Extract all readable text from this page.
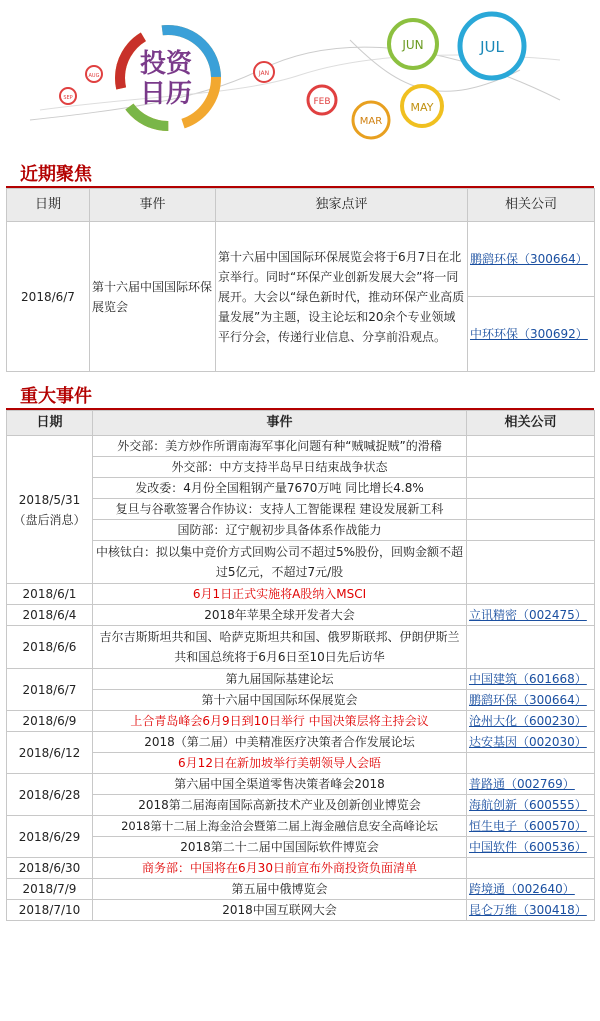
投资
日历
SEP
AUG	JAN
FEB
MAR
MAY
JUN	JUL
近期聚焦
日期	事件	独家点评	相关公司
2018/6/7	第十六届中国国际环保展览会	第十六届中国国际环保展览会将于6月7日在北京举行。同时“环保产业创新发展大会”将一同展开。大会以“绿色新时代，推动环保产业高质量发展”为主题，设主论坛和20余个专业领域平行分会，传递行业信息、分享前沿观点。	鹏鹞环保（300664）
			中环环保（300692）
重大事件
日期	事件	相关公司

2018/5/31
（盘后消息）	外交部：美方炒作所谓南海军事化问题有种“贼喊捉贼”的滑稽	
	外交部：中方支持半岛早日结束战争状态	
	发改委：4月份全国粗钢产量7670万吨 同比增长4.8%	
	复旦与谷歌签署合作协议：支持人工智能课程 建设发展新工科	
	国防部：辽宁舰初步具备体系作战能力	
	中核钛白：拟以集中竞价方式回购公司不超过5%股份，回购金额不超过5亿元，不超过7元/股	
2018/6/1	6月1日正式实施将A股纳入MSCI	
2018/6/4	2018年苹果全球开发者大会	立讯精密（002475）
2018/6/6	吉尔吉斯斯坦共和国、哈萨克斯坦共和国、俄罗斯联邦、伊朗伊斯兰共和国总统将于6月6日至10日先后访华	
2018/6/7	第九届国际基建论坛	中国建筑（601668）
	第十六届中国国际环保展览会	鹏鹞环保（300664）
2018/6/9	上合青岛峰会6月9日到10日举行 中国决策层将主持会议	沧州大化（600230）
2018/6/12	2018（第二届）中美精准医疗决策者合作发展论坛	达安基因（002030）
	6月12日在新加坡举行美朝领导人会晤	
2018/6/28	第六届中国全渠道零售决策者峰会2018	普路通（002769）
	2018第二届海南国际高新技术产业及创新创业博览会	海航创新（600555）
2018/6/29	2018第十二届上海金洽会暨第二届上海金融信息安全高峰论坛	恒生电子（600570）
	2018第二十二届中国国际软件博览会	中国软件（600536）
2018/6/30	商务部：中国将在6月30日前宣布外商投资负面清单	
2018/7/9	第五届中俄博览会	跨境通（002640）
2018/7/10	2018中国互联网大会	昆仑万维（300418）
